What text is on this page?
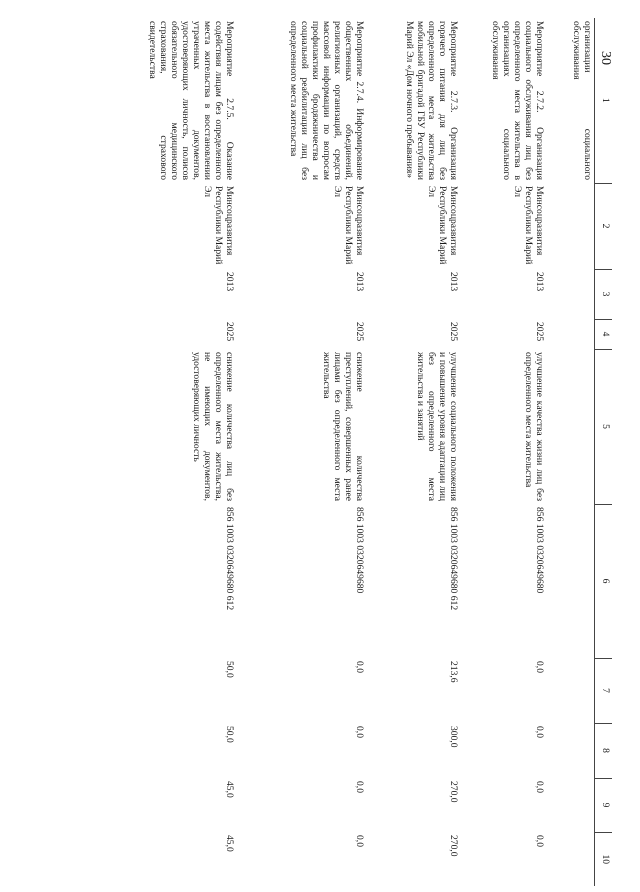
30
1	2	3	4	5	6	7	8	9	10
организации социального обслуживания									
Мероприятие 2.7.2. Организация социального обслуживания лиц без определенного места жительства в организациях социального обслуживания	Минсоцразвития Республики Марий Эл	2013	2025	улучшение качества жизни лиц без определенного места жительства	856 1003 0320649680	0,0	0,0	0,0	0,0
Мероприятие 2.7.3. Организация горячего питания для лиц без определенного места жительства мобильной бригадой ГБУ Республики Марий Эл «Дом ночного пребывания»	Минсоцразвития Республики Марий Эл	2013	2025	улучшение социального положения и повышение уровня адаптации лиц без определенного места жительства и занятий	856 1003 0320649680 612	213,6	300,0	270,0	270,0
Мероприятие 2.7.4. Информирование общественных объединений, религиозных организаций, средств массовой информации по вопросам профилактики бродяжничества и социальной реабилитации лиц без определенного места жительства	Минсоцразвития Республики Марий Эл	2013	2025	снижение количества преступлений, совершенных ранее лицами без определенного места жительства	856 1003 0320649680	0,0	0,0	0,0	0,0
Мероприятие 2.7.5. Оказание содействия лицам без определенного места жительства в восстановлении утраченных документов, удостоверяющих личность, полисов обязательного медицинского страхования, страхового свидетельства	Минсоцразвития Республики Марий Эл	2013	2025	снижение количества лиц без определенного места жительства, не имеющих документов, удостоверяющих личность	856 1003 0320649680 612	50,0	50,0	45,0	45,0
